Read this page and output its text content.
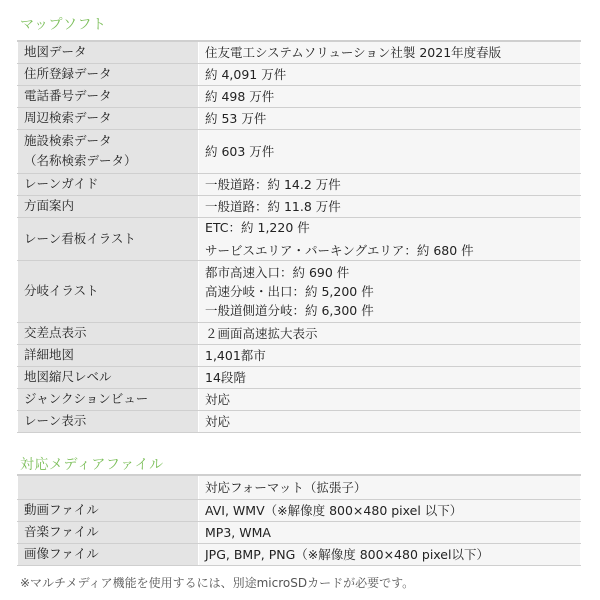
マップソフト
地図データ	住友電工システムソリューション社製 2021年度春版

住所登録データ	約 4,091 万件

電話番号データ	約 498 万件

周辺検索データ	約 53 万件

施設検索データ
（名称検索データ）	約 603 万件

レーンガイド	一般道路：約 14.2 万件

方面案内	一般道路：約 11.8 万件

レーン看板イラスト	ETC：約 1,220 件
サービスエリア・パーキングエリア：約 680 件

分岐イラスト	都市高速入口：約 690 件
高速分岐・出口：約 5,200 件
一般道側道分岐：約 6,300 件

交差点表示	２画面高速拡大表示

詳細地図	1,401都市

地図縮尺レベル	14段階

ジャンクションビュー	対応

レーン表示	対応
対応メディアファイル

	対応フォーマット（拡張子）

動画ファイル	AVI, WMV（※解像度 800×480 pixel 以下）

音楽ファイル	MP3, WMA

画像ファイル	JPG, BMP, PNG（※解像度 800×480 pixel以下）
※マルチメディア機能を使用するには、別途microSDカードが必要です。
